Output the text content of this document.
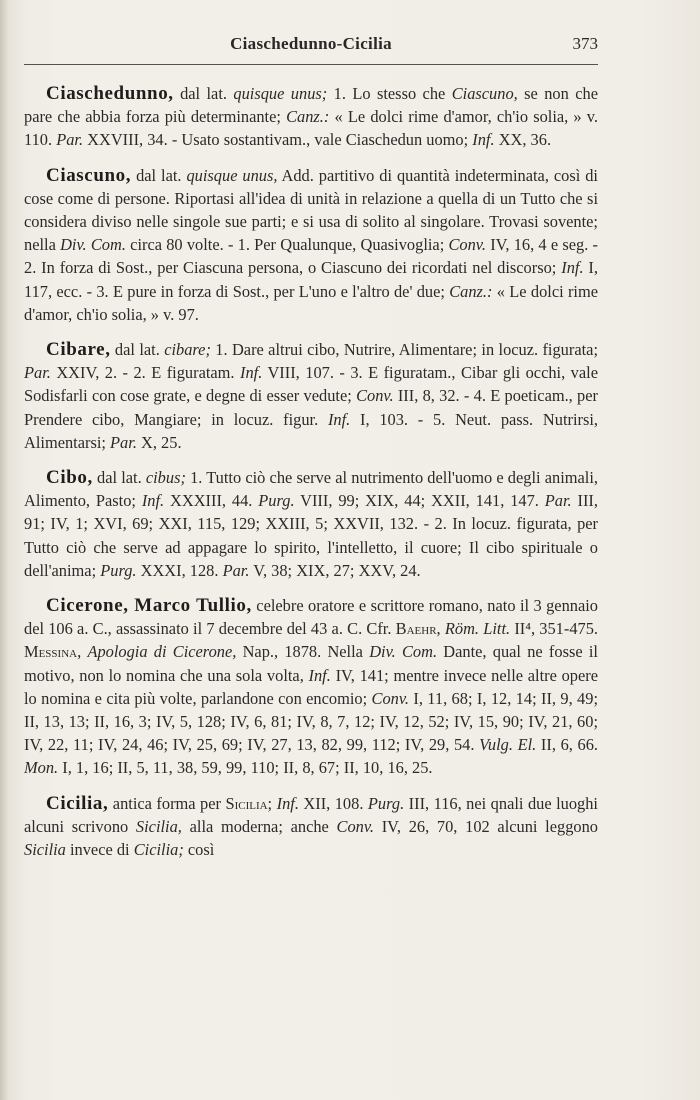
Ciaschedunno-Cicilia	373

Ciaschedunno, dal lat. quisque unus; 1. Lo stesso che Ciascuno, se non che pare che abbia forza più determinante; Canz.: « Le dolci rime d'amor, ch'io solia, » v. 110. Par. XXVIII, 34. - Usato sostantivam., vale Ciaschedun uomo; Inf. XX, 36.

Ciascuno, dal lat. quisque unus, Add. partitivo di quantità indeterminata, così di cose come di persone. Riportasi all'idea di unità in relazione a quella di un Tutto che si considera diviso nelle singole sue parti; e si usa di solito al singolare. Trovasi sovente; nella Div. Com. circa 80 volte. - 1. Per Qualunque, Quasivoglia; Conv. IV, 16, 4 e seg. - 2. In forza di Sost., per Ciascuna persona, o Ciascuno dei ricordati nel discorso; Inf. I, 117, ecc. - 3. E pure in forza di Sost., per L'uno e l'altro de' due; Canz.: « Le dolci rime d'amor, ch'io solia, » v. 97.

Cibare, dal lat. cibare; 1. Dare altrui cibo, Nutrire, Alimentare; in locuz. figurata; Par. XXIV, 2. - 2. E figuratam. Inf. VIII, 107. - 3. E figuratam., Cibar gli occhi, vale Sodisfarli con cose grate, e degne di esser vedute; Conv. III, 8, 32. - 4. E poeticam., per Prendere cibo, Mangiare; in locuz. figur. Inf. I, 103. - 5. Neut. pass. Nutrirsi, Alimentarsi; Par. X, 25.

Cibo, dal lat. cibus; 1. Tutto ciò che serve al nutrimento dell'uomo e degli animali, Alimento, Pasto; Inf. XXXIII, 44. Purg. VIII, 99; XIX, 44; XXII, 141, 147. Par. III, 91; IV, 1; XVI, 69; XXI, 115, 129; XXIII, 5; XXVII, 132. - 2. In locuz. figurata, per Tutto ciò che serve ad appagare lo spirito, l'intelletto, il cuore; Il cibo spirituale o dell'anima; Purg. XXXI, 128. Par. V, 38; XIX, 27; XXV, 24.

Cicerone, Marco Tullio, celebre oratore e scrittore romano, nato il 3 gennaio del 106 a. C., assassinato il 7 decembre del 43 a. C. Cfr. Baehr, Röm. Litt. II⁴, 351-475. Messina, Apologia di Cicerone, Nap., 1878. Nella Div. Com. Dante, qual ne fosse il motivo, non lo nomina che una sola volta, Inf. IV, 141; mentre invece nelle altre opere lo nomina e cita più volte, parlandone con encomio; Conv. I, 11, 68; I, 12, 14; II, 9, 49; II, 13, 13; II, 16, 3; IV, 5, 128; IV, 6, 81; IV, 8, 7, 12; IV, 12, 52; IV, 15, 90; IV, 21, 60; IV, 22, 11; IV, 24, 46; IV, 25, 69; IV, 27, 13, 82, 99, 112; IV, 29, 54. Vulg. El. II, 6, 66. Mon. I, 1, 16; II, 5, 11, 38, 59, 99, 110; II, 8, 67; II, 10, 16, 25.

Cicilia, antica forma per Sicilia; Inf. XII, 108. Purg. III, 116, nei qnali due luoghi alcuni scrivono Sicilia, alla moderna; anche Conv. IV, 26, 70, 102 alcuni leggono Sicilia invece di Cicilia; così
